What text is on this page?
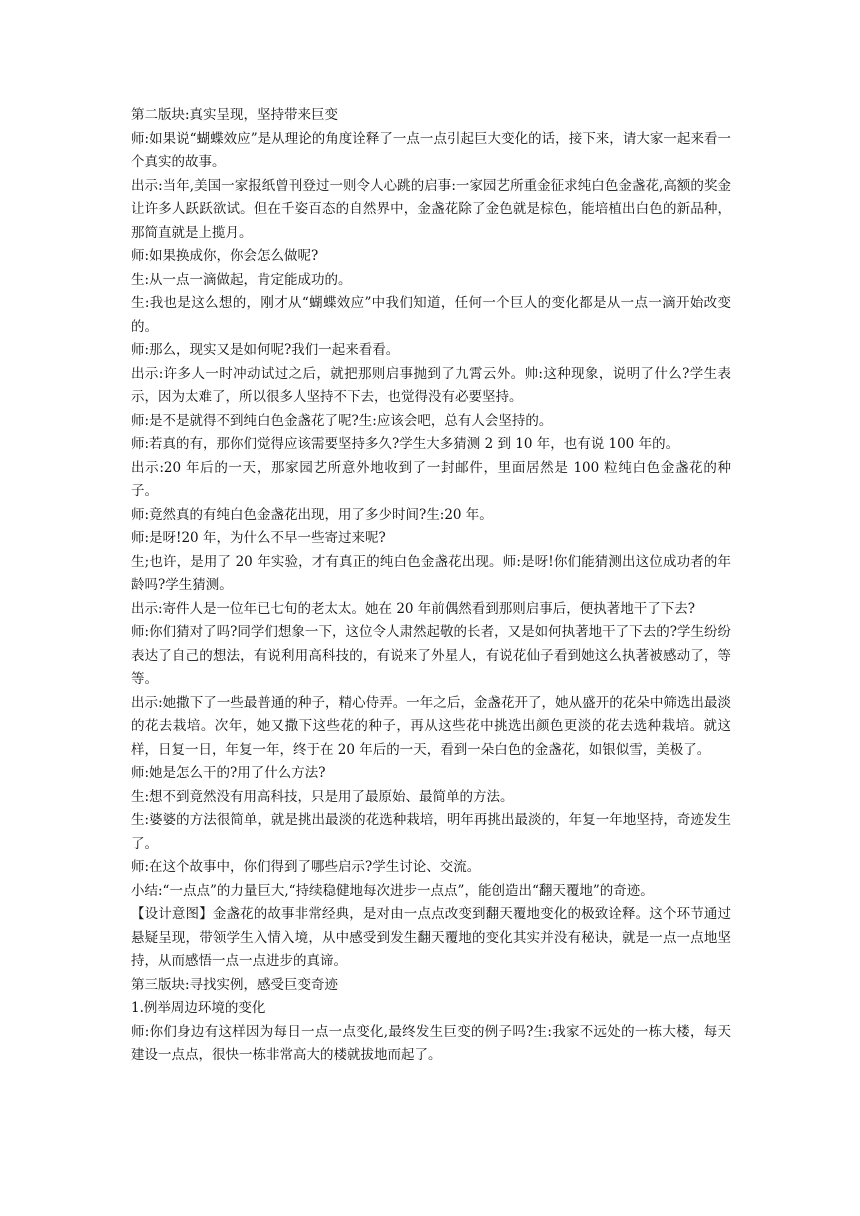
第二版块:真实呈现，坚持带来巨变

师:如果说“蝴蝶效应”是从理论的角度诠释了一点一点引起巨大变化的话，接下来，请大家一起来看一个真实的故事。

出示:当年,美国一家报纸曾刊登过一则令人心跳的启事:一家园艺所重金征求纯白色金盏花,高额的奖金让许多人跃跃欲试。但在千姿百态的自然界中，金盏花除了金色就是棕色，能培植出白色的新品种，那简直就是上揽月。

师:如果换成你，你会怎么做呢?

生:从一点一滴做起，肯定能成功的。

生:我也是这么想的，刚才从“蝴蝶效应”中我们知道，任何一个巨人的变化都是从一点一滴开始改变的。

师:那么，现实又是如何呢?我们一起来看看。

出示:许多人一时冲动试过之后，就把那则启事抛到了九霄云外。帅:这种现象，说明了什么?学生表示，因为太难了，所以很多人坚持不下去，也觉得没有必要坚持。

师:是不是就得不到纯白色金盏花了呢?生:应该会吧，总有人会坚持的。

师:若真的有，那你们觉得应该需要坚持多久?学生大多猜测 2 到 10 年，也有说 100 年的。

出示:20 年后的一天，那家园艺所意外地收到了一封邮件，里面居然是 100 粒纯白色金盏花的种子。

师:竟然真的有纯白色金盏花出现，用了多少时间?生:20 年。

师:是呀!20 年，为什么不早一些寄过来呢?

生;也许，是用了 20 年实验，才有真正的纯白色金盏花出现。师:是呀!你们能猜测出这位成功者的年龄吗?学生猜测。

出示:寄件人是一位年已七旬的老太太。她在 20 年前偶然看到那则启事后，便执著地干了下去?

师:你们猜对了吗?同学们想象一下，这位令人肃然起敬的长者，又是如何执著地干了下去的?学生纷纷表达了自己的想法，有说利用高科技的，有说来了外星人，有说花仙子看到她这么执著被感动了，等等。

出示:她撒下了一些最普通的种子，精心侍弄。一年之后，金盏花开了，她从盛开的花朵中筛选出最淡的花去栽培。次年，她又撒下这些花的种子，再从这些花中挑选出颜色更淡的花去选种栽培。就这样，日复一日，年复一年，终于在 20 年后的一天，看到一朵白色的金盏花，如银似雪，美极了。

师:她是怎么干的?用了什么方法?

生:想不到竟然没有用高科技，只是用了最原始、最简单的方法。

生:婆婆的方法很简单，就是挑出最淡的花选种栽培，明年再挑出最淡的，年复一年地坚持，奇迹发生了。

师:在这个故事中，你们得到了哪些启示?学生讨论、交流。

小结:“一点点”的力量巨大,“持续稳健地每次进步一点点”，能创造出“翻天覆地”的奇迹。

【设计意图】金盏花的故事非常经典，是对由一点点改变到翻天覆地变化的极致诠释。这个环节通过悬疑呈现，带领学生入情入境，从中感受到发生翻天覆地的变化其实并没有秘诀，就是一点一点地坚持，从而感悟一点一点进步的真谛。

第三版块:寻找实例，感受巨变奇迹

1.例举周边环境的变化

师:你们身边有这样因为每日一点一点变化,最终发生巨变的例子吗?生:我家不远处的一栋大楼，每天建设一点点，很快一栋非常高大的楼就拔地而起了。
